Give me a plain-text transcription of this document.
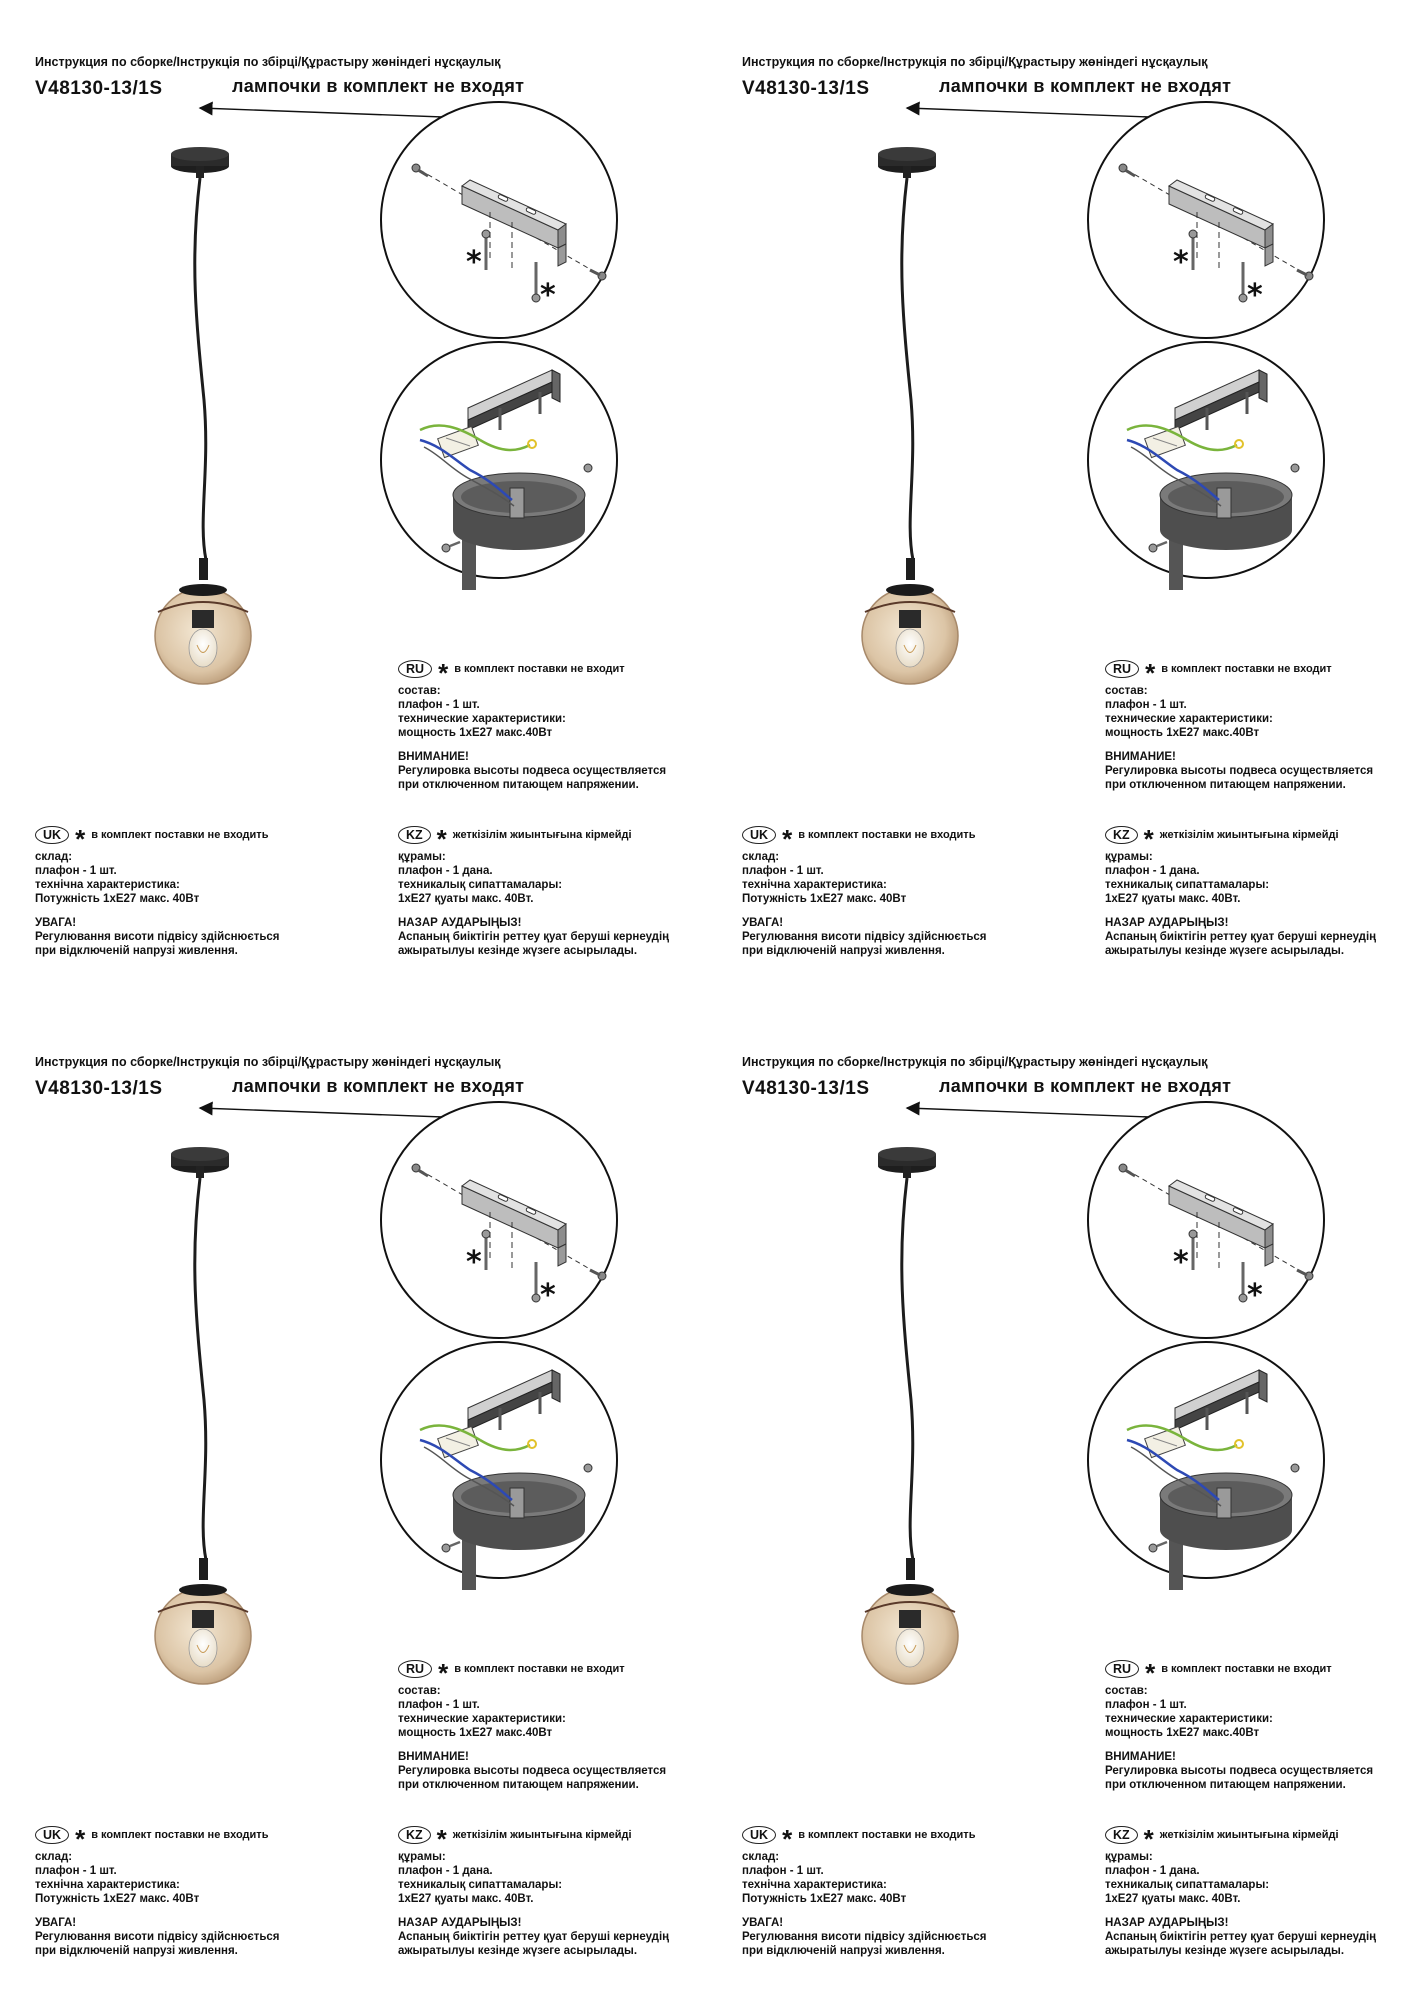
Инструкция по сборке/Інструкція по збірці/Құрастыру жөніндегі нұсқаулық
V48130-13/1S	лампочки в комплект не входят
*
*
RU * в комплект поставки не входит
состав:
плафон - 1 шт.
технические характеристики:
мощность 1xE27 макс.40Вт
ВНИМАНИЕ!
Регулировка высоты подвеса осуществляется
при отключенном питающем напряжении.
UK * в комплект поставки не входить
склад:
плафон - 1 шт.
технічна характеристика:
Потужність 1xE27 макс. 40Вт
УВАГА!
Регулювання висоти підвісу здійснюється
при відключеній напрузі живлення.
KZ * жеткізілім жиынтығына кірмейді
құрамы:
плафон - 1 дана.
техникалық сипаттамалары:
1xE27 қуаты макс. 40Вт.
НАЗАР АУДАРЫҢЫЗ!
Аспаның биіктігін реттеу қуат беруші кернеудің
ажыратылуы кезінде жүзеге асырылады.
Инструкция по сборке/Інструкція по збірці/Құрастыру жөніндегі нұсқаулық
V48130-13/1S	лампочки в комплект не входят
*
*
RU * в комплект поставки не входит
состав:
плафон - 1 шт.
технические характеристики:
мощность 1xE27 макс.40Вт
ВНИМАНИЕ!
Регулировка высоты подвеса осуществляется
при отключенном питающем напряжении.
UK * в комплект поставки не входить
склад:
плафон - 1 шт.
технічна характеристика:
Потужність 1xE27 макс. 40Вт
УВАГА!
Регулювання висоти підвісу здійснюється
при відключеній напрузі живлення.
KZ * жеткізілім жиынтығына кірмейді
құрамы:
плафон - 1 дана.
техникалық сипаттамалары:
1xE27 қуаты макс. 40Вт.
НАЗАР АУДАРЫҢЫЗ!
Аспаның биіктігін реттеу қуат беруші кернеудің
ажыратылуы кезінде жүзеге асырылады.
Инструкция по сборке/Інструкція по збірці/Құрастыру жөніндегі нұсқаулық
V48130-13/1S	лампочки в комплект не входят
*
*
RU * в комплект поставки не входит
состав:
плафон - 1 шт.
технические характеристики:
мощность 1xE27 макс.40Вт
ВНИМАНИЕ!
Регулировка высоты подвеса осуществляется
при отключенном питающем напряжении.
UK * в комплект поставки не входить
склад:
плафон - 1 шт.
технічна характеристика:
Потужність 1xE27 макс. 40Вт
УВАГА!
Регулювання висоти підвісу здійснюється
при відключеній напрузі живлення.
KZ * жеткізілім жиынтығына кірмейді
құрамы:
плафон - 1 дана.
техникалық сипаттамалары:
1xE27 қуаты макс. 40Вт.
НАЗАР АУДАРЫҢЫЗ!
Аспаның биіктігін реттеу қуат беруші кернеудің
ажыратылуы кезінде жүзеге асырылады.
Инструкция по сборке/Інструкція по збірці/Құрастыру жөніндегі нұсқаулық
V48130-13/1S	лампочки в комплект не входят
*
*
RU * в комплект поставки не входит
состав:
плафон - 1 шт.
технические характеристики:
мощность 1xE27 макс.40Вт
ВНИМАНИЕ!
Регулировка высоты подвеса осуществляется
при отключенном питающем напряжении.
UK * в комплект поставки не входить
склад:
плафон - 1 шт.
технічна характеристика:
Потужність 1xE27 макс. 40Вт
УВАГА!
Регулювання висоти підвісу здійснюється
при відключеній напрузі живлення.
KZ * жеткізілім жиынтығына кірмейді
құрамы:
плафон - 1 дана.
техникалық сипаттамалары:
1xE27 қуаты макс. 40Вт.
НАЗАР АУДАРЫҢЫЗ!
Аспаның биіктігін реттеу қуат беруші кернеудің
ажыратылуы кезінде жүзеге асырылады.
